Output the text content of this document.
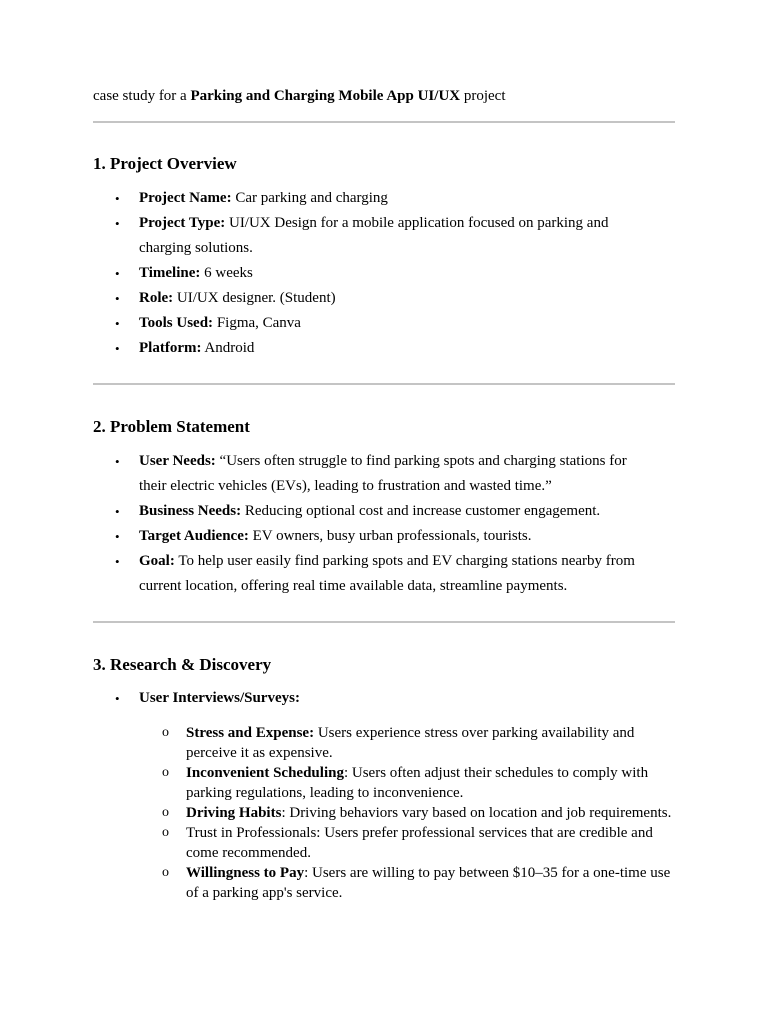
case study for a Parking and Charging Mobile App UI/UX project
1. Project Overview
• Project Name: Car parking and charging
• Project Type: UI/UX Design for a mobile application focused on parking and charging solutions.
• Timeline: 6 weeks
• Role: UI/UX designer. (Student)
• Tools Used: Figma, Canva
• Platform: Android
2. Problem Statement
• User Needs: “Users often struggle to find parking spots and charging stations for their electric vehicles (EVs), leading to frustration and wasted time.”
• Business Needs: Reducing optional cost and increase customer engagement.
• Target Audience: EV owners, busy urban professionals, tourists.
• Goal: To help user easily find parking spots and EV charging stations nearby from current location, offering real time available data, streamline payments.
3. Research & Discovery
• User Interviews/Surveys:
o Stress and Expense: Users experience stress over parking availability and perceive it as expensive.
o Inconvenient Scheduling: Users often adjust their schedules to comply with parking regulations, leading to inconvenience.
o Driving Habits: Driving behaviors vary based on location and job requirements.
o Trust in Professionals: Users prefer professional services that are credible and come recommended.
o Willingness to Pay: Users are willing to pay between $10–35 for a one-time use of a parking app's service.
